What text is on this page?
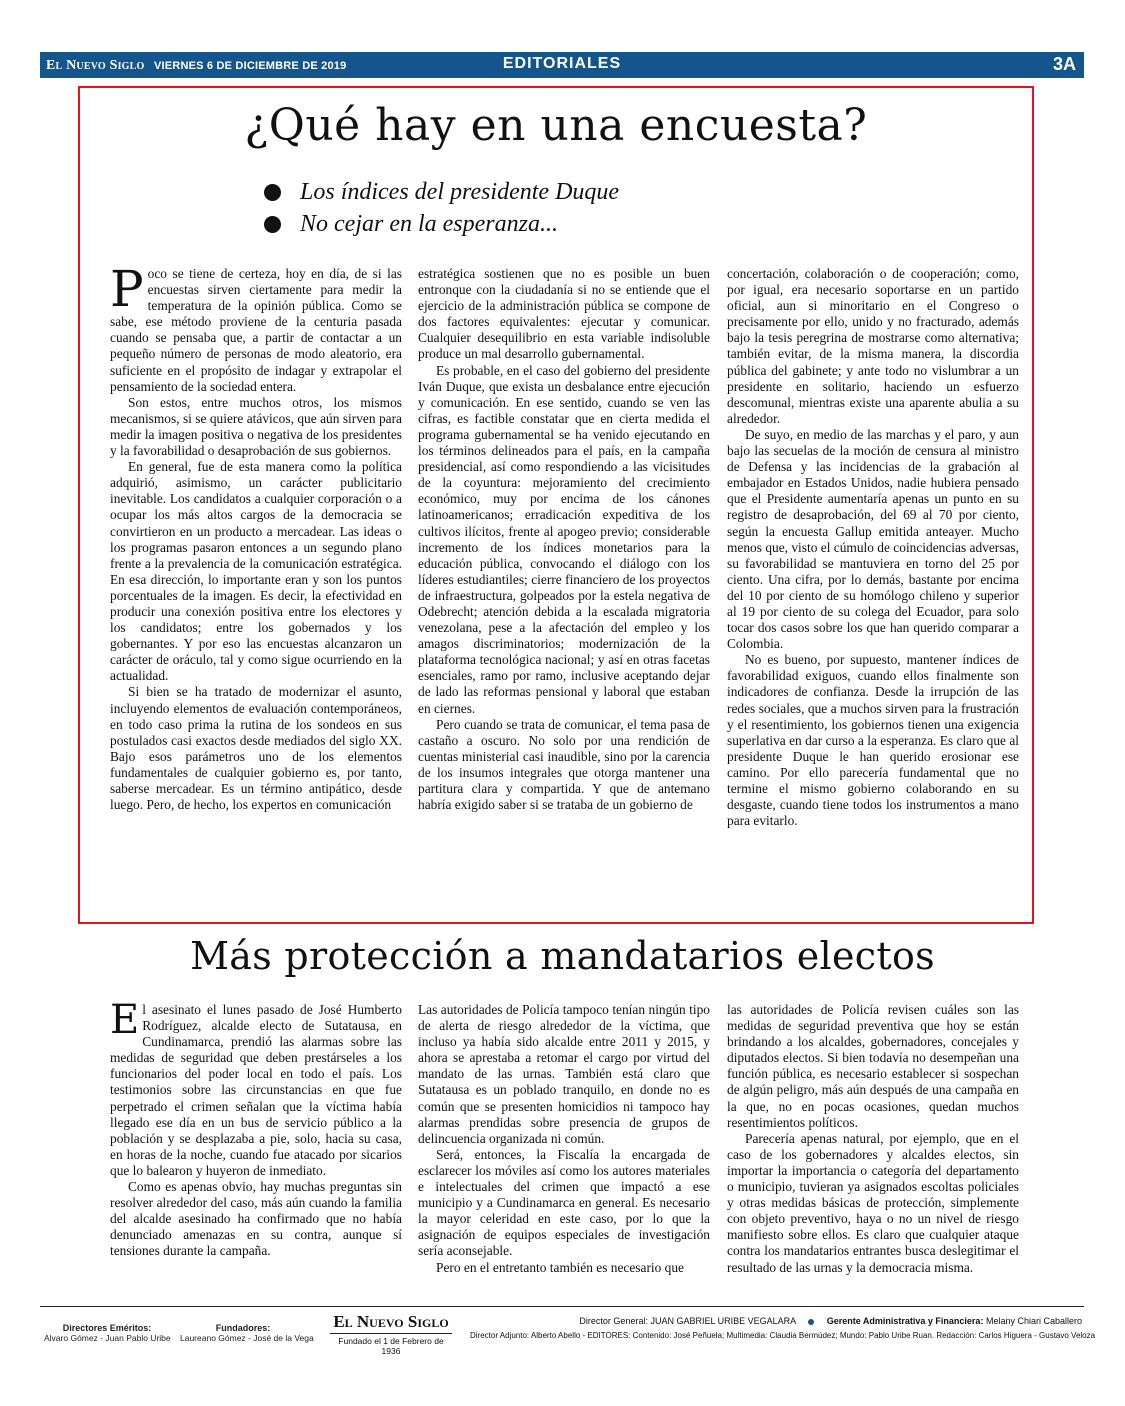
El Nuevo Siglo VIERNES 6 DE DICIEMBRE DE 2019	EDITORIALES	3A
¿Qué hay en una encuesta?
Los índices del presidente Duque
No cejar en la esperanza...

Poco se tiene de certeza, hoy en día, de si las encuestas sirven ciertamente para medir la temperatura de la opinión pública. Como se sabe, ese método proviene de la centuria pasada cuando se pensaba que, a partir de contactar a un pequeño número de personas de modo aleatorio, era suficiente en el propósito de indagar y extrapolar el pensamiento de la sociedad entera.

Son estos, entre muchos otros, los mismos mecanismos, si se quiere atávicos, que aún sirven para medir la imagen positiva o negativa de los presidentes y la favorabilidad o desaprobación de sus gobiernos.

En general, fue de esta manera como la política adquirió, asimismo, un carácter publicitario inevitable. Los candidatos a cualquier corporación o a ocupar los más altos cargos de la democracia se convirtieron en un producto a mercadear. Las ideas o los programas pasaron entonces a un segundo plano frente a la prevalencia de la comunicación estratégica. En esa dirección, lo importante eran y son los puntos porcentuales de la imagen. Es decir, la efectividad en producir una conexión positiva entre los electores y los candidatos; entre los gobernados y los gobernantes. Y por eso las encuestas alcanzaron un carácter de oráculo, tal y como sigue ocurriendo en la actualidad.

Si bien se ha tratado de modernizar el asunto, incluyendo elementos de evaluación contemporáneos, en todo caso prima la rutina de los sondeos en sus postulados casi exactos desde mediados del siglo XX. Bajo esos parámetros uno de los elementos fundamentales de cualquier gobierno es, por tanto, saberse mercadear. Es un término antipático, desde luego. Pero, de hecho, los expertos en comunicación

estratégica sostienen que no es posible un buen entronque con la ciudadanía si no se entiende que el ejercicio de la administración pública se compone de dos factores equivalentes: ejecutar y comunicar. Cualquier desequilibrio en esta variable indisoluble produce un mal desarrollo gubernamental.

Es probable, en el caso del gobierno del presidente Iván Duque, que exista un desbalance entre ejecución y comunicación. En ese sentido, cuando se ven las cifras, es factible constatar que en cierta medida el programa gubernamental se ha venido ejecutando en los términos delineados para el país, en la campaña presidencial, así como respondiendo a las vicisitudes de la coyuntura: mejoramiento del crecimiento económico, muy por encima de los cánones latinoamericanos; erradicación expeditiva de los cultivos ilícitos, frente al apogeo previo; considerable incremento de los índices monetarios para la educación pública, convocando el diálogo con los líderes estudiantiles; cierre financiero de los proyectos de infraestructura, golpeados por la estela negativa de Odebrecht; atención debida a la escalada migratoria venezolana, pese a la afectación del empleo y los amagos discriminatorios; modernización de la plataforma tecnológica nacional; y así en otras facetas esenciales, ramo por ramo, inclusive aceptando dejar de lado las reformas pensional y laboral que estaban en ciernes.

Pero cuando se trata de comunicar, el tema pasa de castaño a oscuro. No solo por una rendición de cuentas ministerial casi inaudible, sino por la carencia de los insumos integrales que otorga mantener una partitura clara y compartida. Y que de antemano habría exigido saber si se trataba de un gobierno de

concertación, colaboración o de cooperación; como, por igual, era necesario soportarse en un partido oficial, aun si minoritario en el Congreso o precisamente por ello, unido y no fracturado, además bajo la tesis peregrina de mostrarse como alternativa; también evitar, de la misma manera, la discordia pública del gabinete; y ante todo no vislumbrar a un presidente en solitario, haciendo un esfuerzo descomunal, mientras existe una aparente abulia a su alrededor.

De suyo, en medio de las marchas y el paro, y aun bajo las secuelas de la moción de censura al ministro de Defensa y las incidencias de la grabación al embajador en Estados Unidos, nadie hubiera pensado que el Presidente aumentaría apenas un punto en su registro de desaprobación, del 69 al 70 por ciento, según la encuesta Gallup emitida anteayer. Mucho menos que, visto el cúmulo de coincidencias adversas, su favorabilidad se mantuviera en torno del 25 por ciento. Una cifra, por lo demás, bastante por encima del 10 por ciento de su homólogo chileno y superior al 19 por ciento de su colega del Ecuador, para solo tocar dos casos sobre los que han querido comparar a Colombia.

No es bueno, por supuesto, mantener índices de favorabilidad exiguos, cuando ellos finalmente son indicadores de confianza. Desde la irrupción de las redes sociales, que a muchos sirven para la frustración y el resentimiento, los gobiernos tienen una exigencia superlativa en dar curso a la esperanza. Es claro que al presidente Duque le han querido erosionar ese camino. Por ello parecería fundamental que no termine el mismo gobierno colaborando en su desgaste, cuando tiene todos los instrumentos a mano para evitarlo.

Más protección a mandatarios electos

El asesinato el lunes pasado de José Humberto Rodríguez, alcalde electo de Sutatausa, en Cundinamarca, prendió las alarmas sobre las medidas de seguridad que deben prestárseles a los funcionarios del poder local en todo el país. Los testimonios sobre las circunstancias en que fue perpetrado el crimen señalan que la víctima había llegado ese día en un bus de servicio público a la población y se desplazaba a pie, solo, hacia su casa, en horas de la noche, cuando fue atacado por sicarios que lo balearon y huyeron de inmediato.

Como es apenas obvio, hay muchas preguntas sin resolver alrededor del caso, más aún cuando la familia del alcalde asesinado ha confirmado que no había denunciado amenazas en su contra, aunque sí tensiones durante la campaña.

Las autoridades de Policía tampoco tenían ningún tipo de alerta de riesgo alrededor de la víctima, que incluso ya había sido alcalde entre 2011 y 2015, y ahora se aprestaba a retomar el cargo por virtud del mandato de las urnas. También está claro que Sutatausa es un poblado tranquilo, en donde no es común que se presenten homicidios ni tampoco hay alarmas prendidas sobre presencia de grupos de delincuencia organizada ni común.

Será, entonces, la Fiscalía la encargada de esclarecer los móviles así como los autores materiales e intelectuales del crimen que impactó a ese municipio y a Cundinamarca en general. Es necesario la mayor celeridad en este caso, por lo que la asignación de equipos especiales de investigación sería aconsejable.

Pero en el entretanto también es necesario que

las autoridades de Policía revisen cuáles son las medidas de seguridad preventiva que hoy se están brindando a los alcaldes, gobernadores, concejales y diputados electos. Si bien todavía no desempeñan una función pública, es necesario establecer si sospechan de algún peligro, más aún después de una campaña en la que, no en pocas ocasiones, quedan muchos resentimientos políticos.

Parecería apenas natural, por ejemplo, que en el caso de los gobernadores y alcaldes electos, sin importar la importancia o categoría del departamento o municipio, tuvieran ya asignados escoltas policiales y otras medidas básicas de protección, simplemente con objeto preventivo, haya o no un nivel de riesgo manifiesto sobre ellos. Es claro que cualquier ataque contra los mandatarios entrantes busca deslegitimar el resultado de las urnas y la democracia misma.

Directores Eméritos:
Alvaro Gómez - Juan Pablo Uribe
Fundadores:
Laureano Gómez - José de la Vega
El Nuevo Siglo
Fundado el 1 de Febrero de 1936
Director General: JUAN GABRIEL URIBE VEGALARA	Gerente Administrativa y Financiera: Melany Chiari Caballero
Director Adjunto: Alberto Abello - EDITORES: Contenido: José Peñuela; Multimedia: Claudia Bermúdez; Mundo: Pablo Uribe Ruan. Redacción: Carlos Higuera - Gustavo Veloza
